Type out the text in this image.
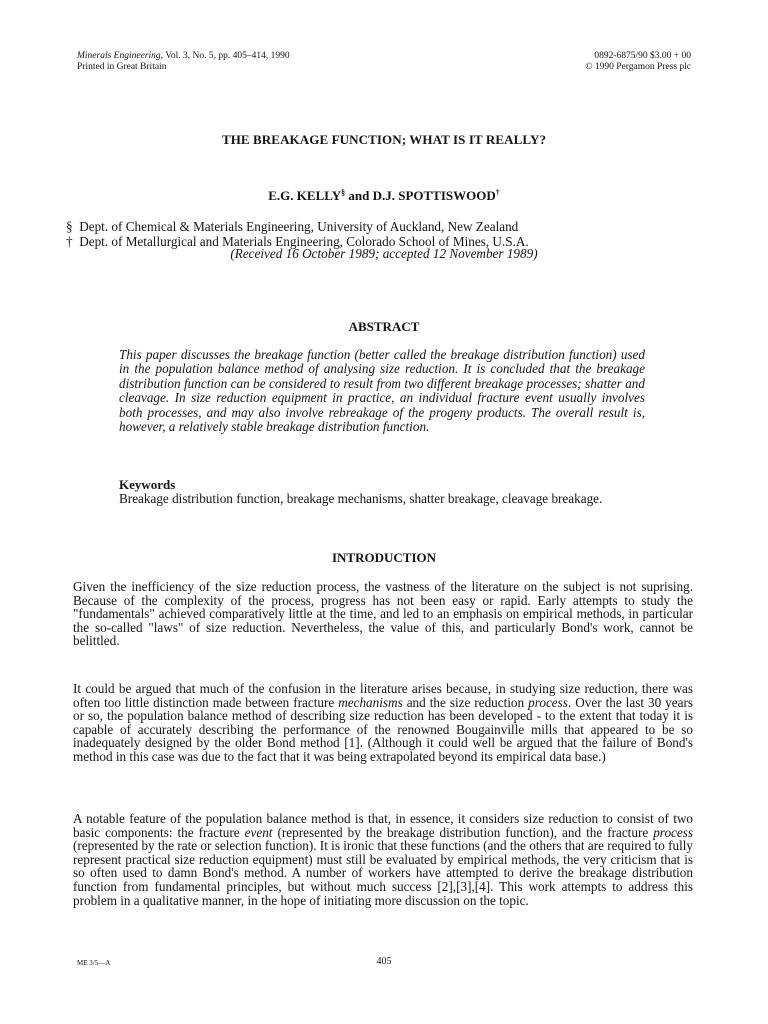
Minerals Engineering, Vol. 3, No. 5, pp. 405–414, 1990
Printed in Great Britain
0892-6875/90 $3.00 + 00
© 1990 Pergamon Press plc
THE BREAKAGE FUNCTION; WHAT IS IT REALLY?
E.G. KELLY§ and D.J. SPOTTISWOOD†
§  Dept. of Chemical & Materials Engineering, University of Auckland, New Zealand
†  Dept. of Metallurgical and Materials Engineering, Colorado School of Mines, U.S.A.
(Received 16 October 1989; accepted 12 November 1989)
ABSTRACT
This paper discusses the breakage function (better called the breakage distribution function) used in the population balance method of analysing size reduction. It is concluded that the breakage distribution function can be considered to result from two different breakage processes; shatter and cleavage. In size reduction equipment in practice, an individual fracture event usually involves both processes, and may also involve rebreakage of the progeny products. The overall result is, however, a relatively stable breakage distribution function.
Keywords
Breakage distribution function, breakage mechanisms, shatter breakage, cleavage breakage.
INTRODUCTION
Given the inefficiency of the size reduction process, the vastness of the literature on the subject is not suprising. Because of the complexity of the process, progress has not been easy or rapid. Early attempts to study the "fundamentals" achieved comparatively little at the time, and led to an emphasis on empirical methods, in particular the so-called "laws" of size reduction. Nevertheless, the value of this, and particularly Bond's work, cannot be belittled.
It could be argued that much of the confusion in the literature arises because, in studying size reduction, there was often too little distinction made between fracture mechanisms and the size reduction process. Over the last 30 years or so, the population balance method of describing size reduction has been developed - to the extent that today it is capable of accurately describing the performance of the renowned Bougainville mills that appeared to be so inadequately designed by the older Bond method [1]. (Although it could well be argued that the failure of Bond's method in this case was due to the fact that it was being extrapolated beyond its empirical data base.)
A notable feature of the population balance method is that, in essence, it considers size reduction to consist of two basic components: the fracture event (represented by the breakage distribution function), and the fracture process (represented by the rate or selection function). It is ironic that these functions (and the others that are required to fully represent practical size reduction equipment) must still be evaluated by empirical methods, the very criticism that is so often used to damn Bond's method. A number of workers have attempted to derive the breakage distribution function from fundamental principles, but without much success [2],[3],[4]. This work attempts to address this problem in a qualitative manner, in the hope of initiating more discussion on the topic.
ME 3/5—A	405
